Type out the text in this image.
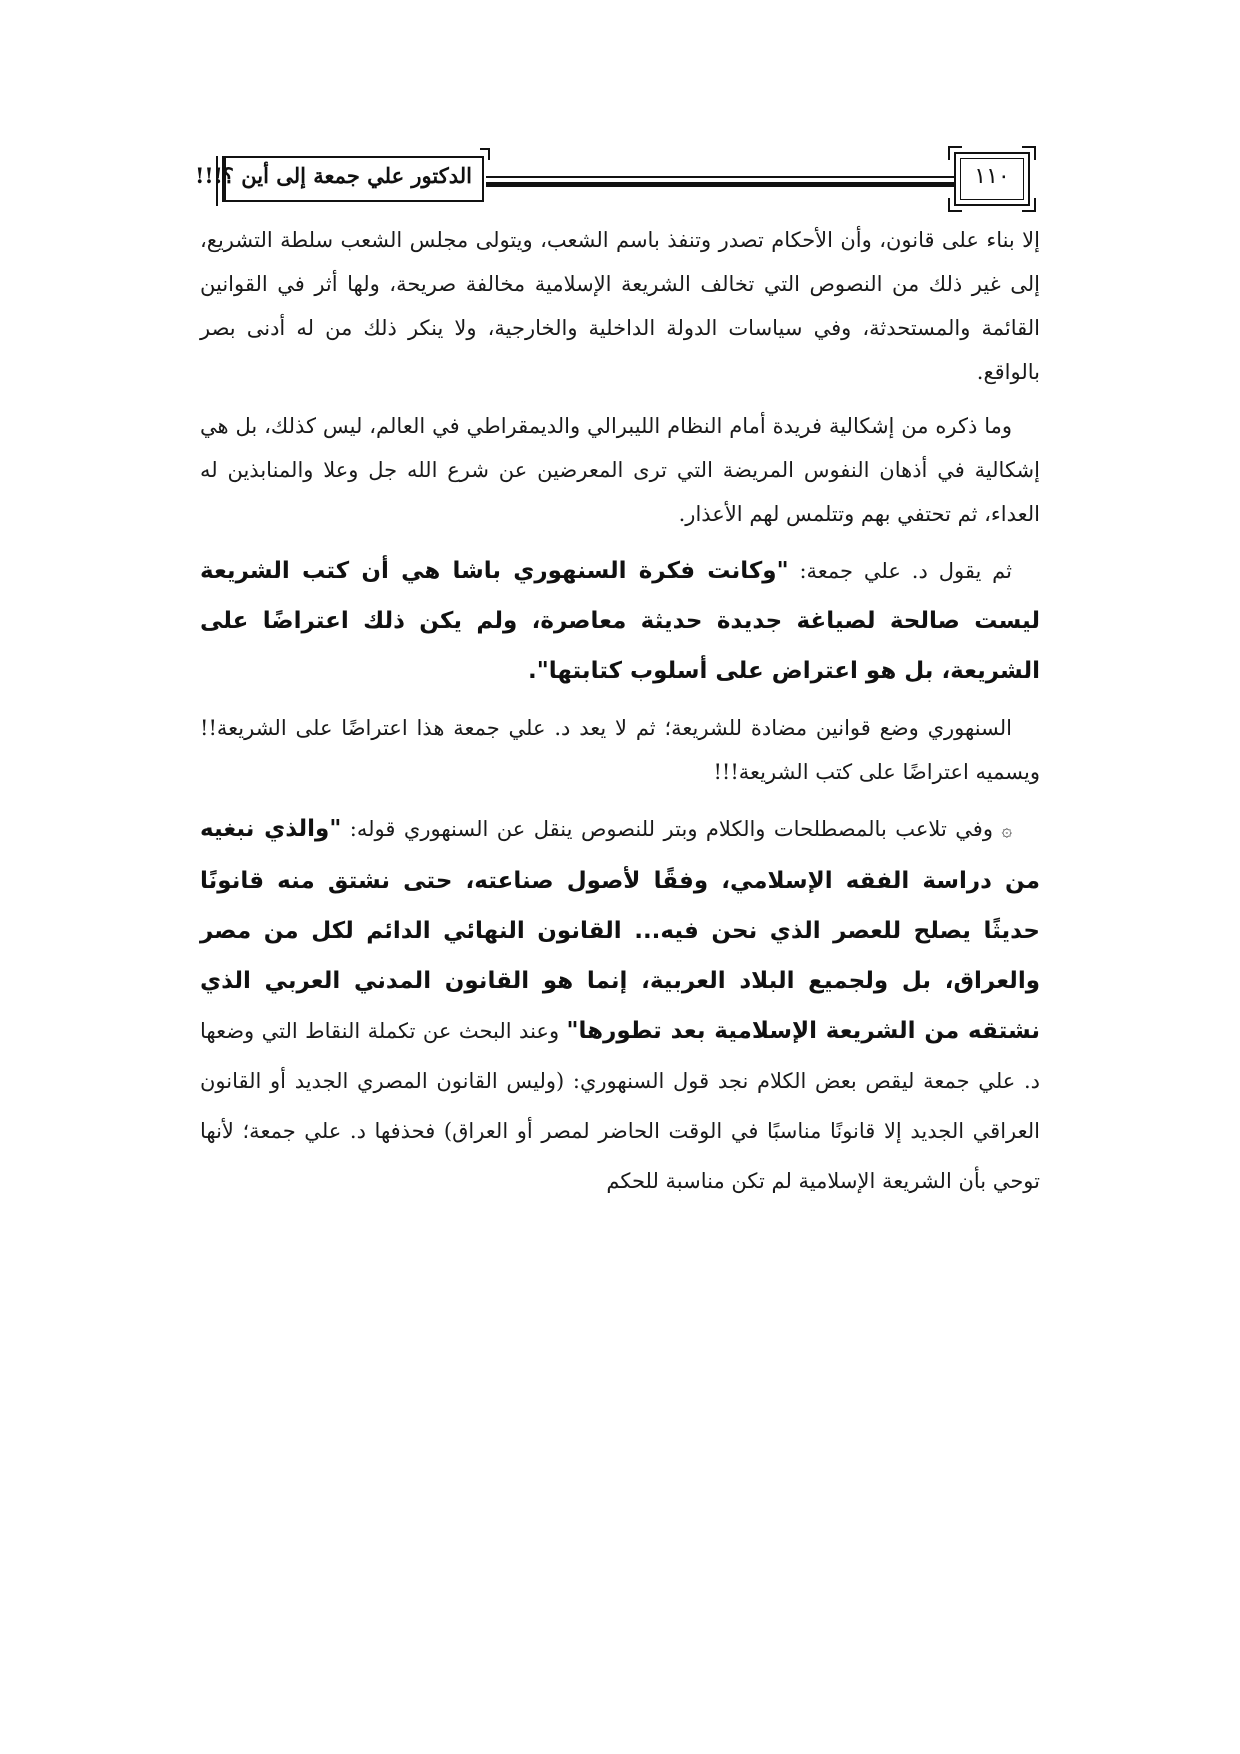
الدكتور علي جمعة إلى أين ؟!!!	١١٠

إلا بناء على قانون، وأن الأحكام تصدر وتنفذ باسم الشعب، ويتولى مجلس الشعب سلطة التشريع، إلى غير ذلك من النصوص التي تخالف الشريعة الإسلامية مخالفة صريحة، ولها أثر في القوانين القائمة والمستحدثة، وفي سياسات الدولة الداخلية والخارجية، ولا ينكر ذلك من له أدنى بصر بالواقع.

وما ذكره من إشكالية فريدة أمام النظام الليبرالي والديمقراطي في العالم، ليس كذلك، بل هي إشكالية في أذهان النفوس المريضة التي ترى المعرضين عن شرع الله جل وعلا والمنابذين له العداء، ثم تحتفي بهم وتتلمس لهم الأعذار.

ثم يقول د. علي جمعة: "وكانت فكرة السنهوري باشا هي أن كتب الشريعة ليست صالحة لصياغة جديدة حديثة معاصرة، ولم يكن ذلك اعتراضًا على الشريعة، بل هو اعتراض على أسلوب كتابتها".

السنهوري وضع قوانين مضادة للشريعة؛ ثم لا يعد د. علي جمعة هذا اعتراضًا على الشريعة!! ويسميه اعتراضًا على كتب الشريعة!!!

۞ وفي تلاعب بالمصطلحات والكلام وبتر للنصوص ينقل عن السنهوري قوله: "والذي نبغيه من دراسة الفقه الإسلامي، وفقًا لأصول صناعته، حتى نشتق منه قانونًا حديثًا يصلح للعصر الذي نحن فيه... القانون النهائي الدائم لكل من مصر والعراق، بل ولجميع البلاد العربية، إنما هو القانون المدني العربي الذي نشتقه من الشريعة الإسلامية بعد تطورها" وعند البحث عن تكملة النقاط التي وضعها د. علي جمعة ليقص بعض الكلام نجد قول السنهوري: (وليس القانون المصري الجديد أو القانون العراقي الجديد إلا قانونًا مناسبًا في الوقت الحاضر لمصر أو العراق) فحذفها د. علي جمعة؛ لأنها توحي بأن الشريعة الإسلامية لم تكن مناسبة للحكم
